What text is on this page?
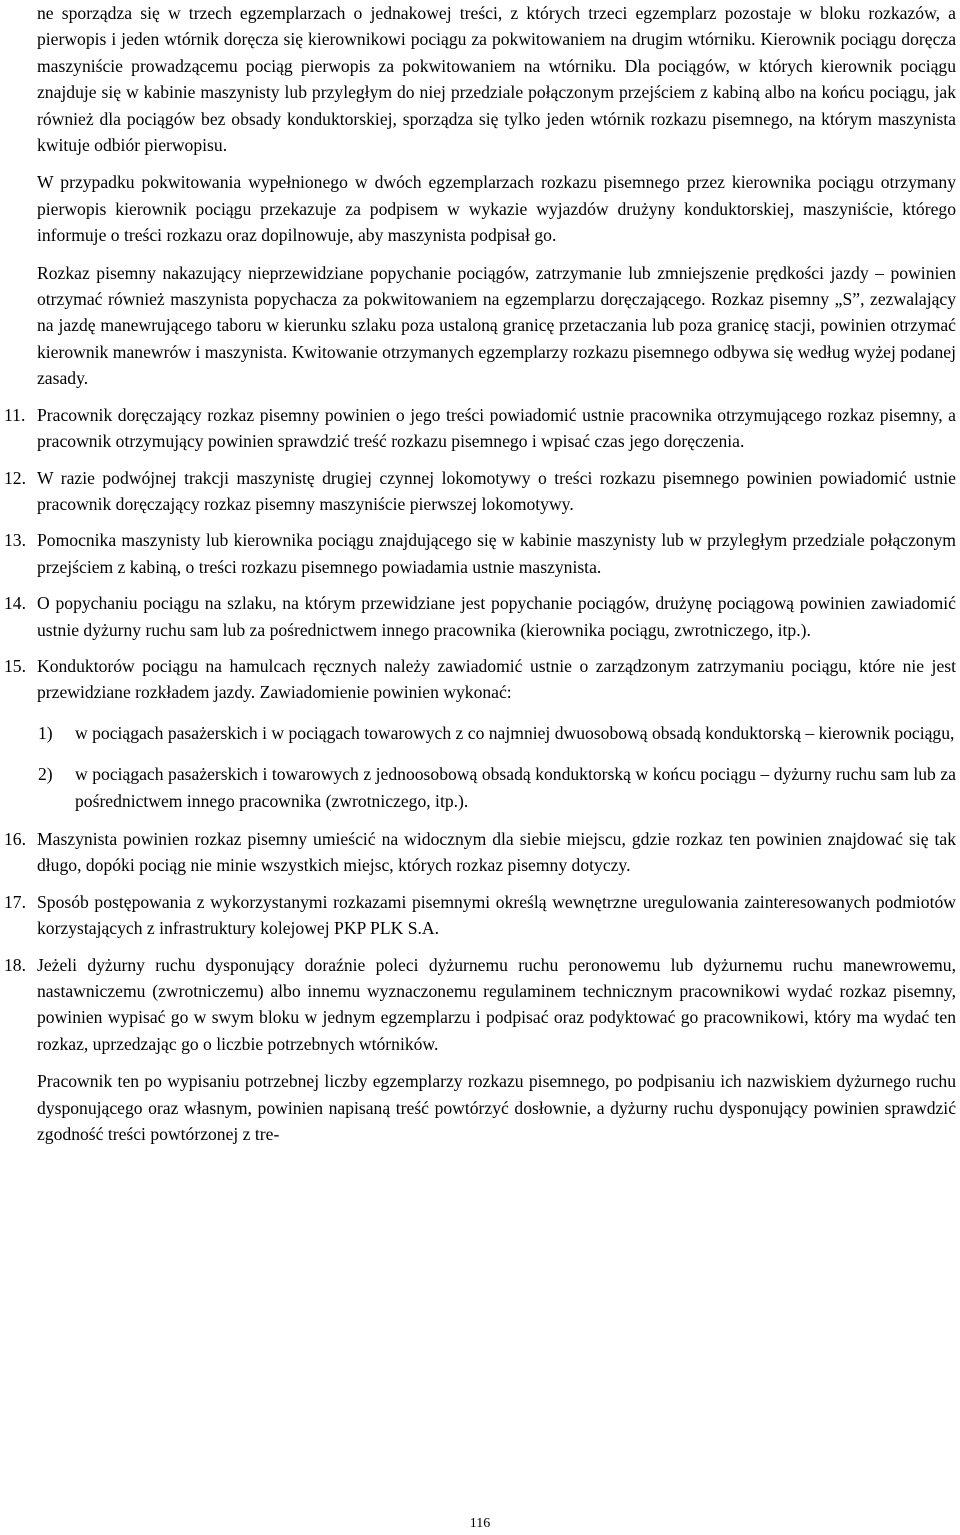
ne sporządza się w trzech egzemplarzach o jednakowej treści, z których trzeci egzemplarz pozostaje w bloku rozkazów, a pierwopis i jeden wtórnik doręcza się kierownikowi pociągu za pokwitowaniem na drugim wtórniku. Kierownik pociągu doręcza maszyniście prowadzącemu pociąg pierwopis za pokwitowaniem na wtórniku. Dla pociągów, w których kierownik pociągu znajduje się w kabinie maszynisty lub przyległym do niej przedziale połączonym przejściem z kabiną albo na końcu pociągu, jak również dla pociągów bez obsady konduktorskiej, sporządza się tylko jeden wtórnik rozkazu pisemnego, na którym maszynista kwituje odbiór pierwopisu.

W przypadku pokwitowania wypełnionego w dwóch egzemplarzach rozkazu pisemnego przez kierownika pociągu otrzymany pierwopis kierownik pociągu przekazuje za podpisem w wykazie wyjazdów drużyny konduktorskiej, maszyniście, którego informuje o treści rozkazu oraz dopilnowuje, aby maszynista podpisał go.

Rozkaz pisemny nakazujący nieprzewidziane popychanie pociągów, zatrzymanie lub zmniejszenie prędkości jazdy – powinien otrzymać również maszynista popychacza za pokwitowaniem na egzemplarzu doręczającego. Rozkaz pisemny „S”, zezwalający na jazdę manewrującego taboru w kierunku szlaku poza ustaloną granicę przetaczania lub poza granicę stacji, powinien otrzymać kierownik manewrów i maszynista. Kwitowanie otrzymanych egzemplarzy rozkazu pisemnego odbywa się według wyżej podanej zasady.

11. Pracownik doręczający rozkaz pisemny powinien o jego treści powiadomić ustnie pracownika otrzymującego rozkaz pisemny, a pracownik otrzymujący powinien sprawdzić treść rozkazu pisemnego i wpisać czas jego doręczenia.

12. W razie podwójnej trakcji maszynistę drugiej czynnej lokomotywy o treści rozkazu pisemnego powinien powiadomić ustnie pracownik doręczający rozkaz pisemny maszyniście pierwszej lokomotywy.

13. Pomocnika maszynisty lub kierownika pociągu znajdującego się w kabinie maszynisty lub w przyległym przedziale połączonym przejściem z kabiną, o treści rozkazu pisemnego powiadamia ustnie maszynista.

14. O popychaniu pociągu na szlaku, na którym przewidziane jest popychanie pociągów, drużynę pociągową powinien zawiadomić ustnie dyżurny ruchu sam lub za pośrednictwem innego pracownika (kierownika pociągu, zwrotniczego, itp.).

15. Konduktorów pociągu na hamulcach ręcznych należy zawiadomić ustnie o zarządzonym zatrzymaniu pociągu, które nie jest przewidziane rozkładem jazdy. Zawiadomienie powinien wykonać:

1) w pociągach pasażerskich i w pociągach towarowych z co najmniej dwuosobową obsadą konduktorską – kierownik pociągu,

2) w pociągach pasażerskich i towarowych z jednoosobową obsadą konduktorską w końcu pociągu – dyżurny ruchu sam lub za pośrednictwem innego pracownika (zwrotniczego, itp.).

16. Maszynista powinien rozkaz pisemny umieścić na widocznym dla siebie miejscu, gdzie rozkaz ten powinien znajdować się tak długo, dopóki pociąg nie minie wszystkich miejsc, których rozkaz pisemny dotyczy.

17. Sposób postępowania z wykorzystanymi rozkazami pisemnymi określą wewnętrzne uregulowania zainteresowanych podmiotów korzystających z infrastruktury kolejowej PKP PLK S.A.

18. Jeżeli dyżurny ruchu dysponujący doraźnie poleci dyżurnemu ruchu peronowemu lub dyżurnemu ruchu manewrowemu, nastawniczemu (zwrotniczemu) albo innemu wyznaczonemu regulaminem technicznym pracownikowi wydać rozkaz pisemny, powinien wypisać go w swym bloku w jednym egzemplarzu i podpisać oraz podyktować go pracownikowi, który ma wydać ten rozkaz, uprzedzając go o liczbie potrzebnych wtórników.

Pracownik ten po wypisaniu potrzebnej liczby egzemplarzy rozkazu pisemnego, po podpisaniu ich nazwiskiem dyżurnego ruchu dysponującego oraz własnym, powinien napisaną treść powtórzyć dosłownie, a dyżurny ruchu dysponujący powinien sprawdzić zgodność treści powtórzonej z tre-

116
